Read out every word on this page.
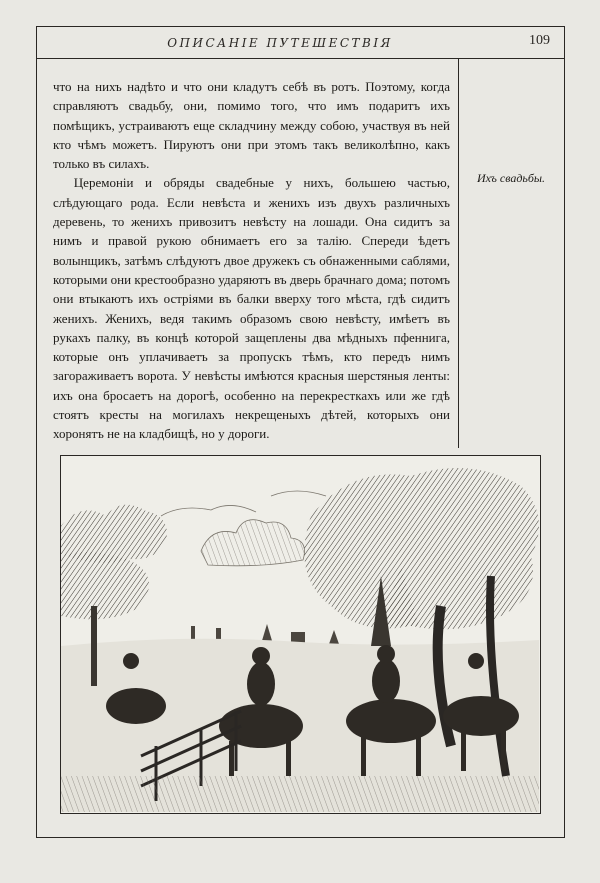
ОПИСАНІЕ ПУТЕШЕСТВІЯ	109
Ихъ свадьбы.

что на нихъ надѣто и что они кладутъ себѣ въ ротъ. Поэтому, когда справляютъ свадьбу, они, помимо того, что имъ подаритъ ихъ помѣщикъ, устраиваютъ еще складчину между собою, участвуя въ ней кто чѣмъ можетъ. Пируютъ они при этомъ такъ великолѣпно, какъ только въ силахъ.

Церемоніи и обряды свадебные у нихъ, большею частью, слѣдующаго рода. Если невѣста и женихъ изъ двухъ различныхъ деревень, то женихъ привозитъ невѣсту на лошади. Она сидитъ за нимъ и правой рукою обнимаетъ его за талію. Спереди ѣдетъ волынщикъ, затѣмъ слѣдуютъ двое дружекъ съ обнаженными саблями, которыми они крестообразно ударяютъ въ дверь брачнаго дома; потомъ они втыкаютъ ихъ острiями въ балки вверху того мѣста, гдѣ сидитъ женихъ. Женихъ, ведя такимъ образомъ свою невѣсту, имѣетъ въ рукахъ палку, въ концѣ которой защеплены два мѣдныхъ пфеннига, которые онъ уплачиваетъ за пропускъ тѣмъ, кто передъ нимъ загораживаетъ ворота. У невѣсты имѣются красныя шерстяныя ленты: ихъ она бросаетъ на дорогѣ, особенно на перекресткахъ или же гдѣ стоятъ кресты на могилахъ некрещеныхъ дѣтей, которыхъ они хоронятъ не на кладбищѣ, но у дороги.
